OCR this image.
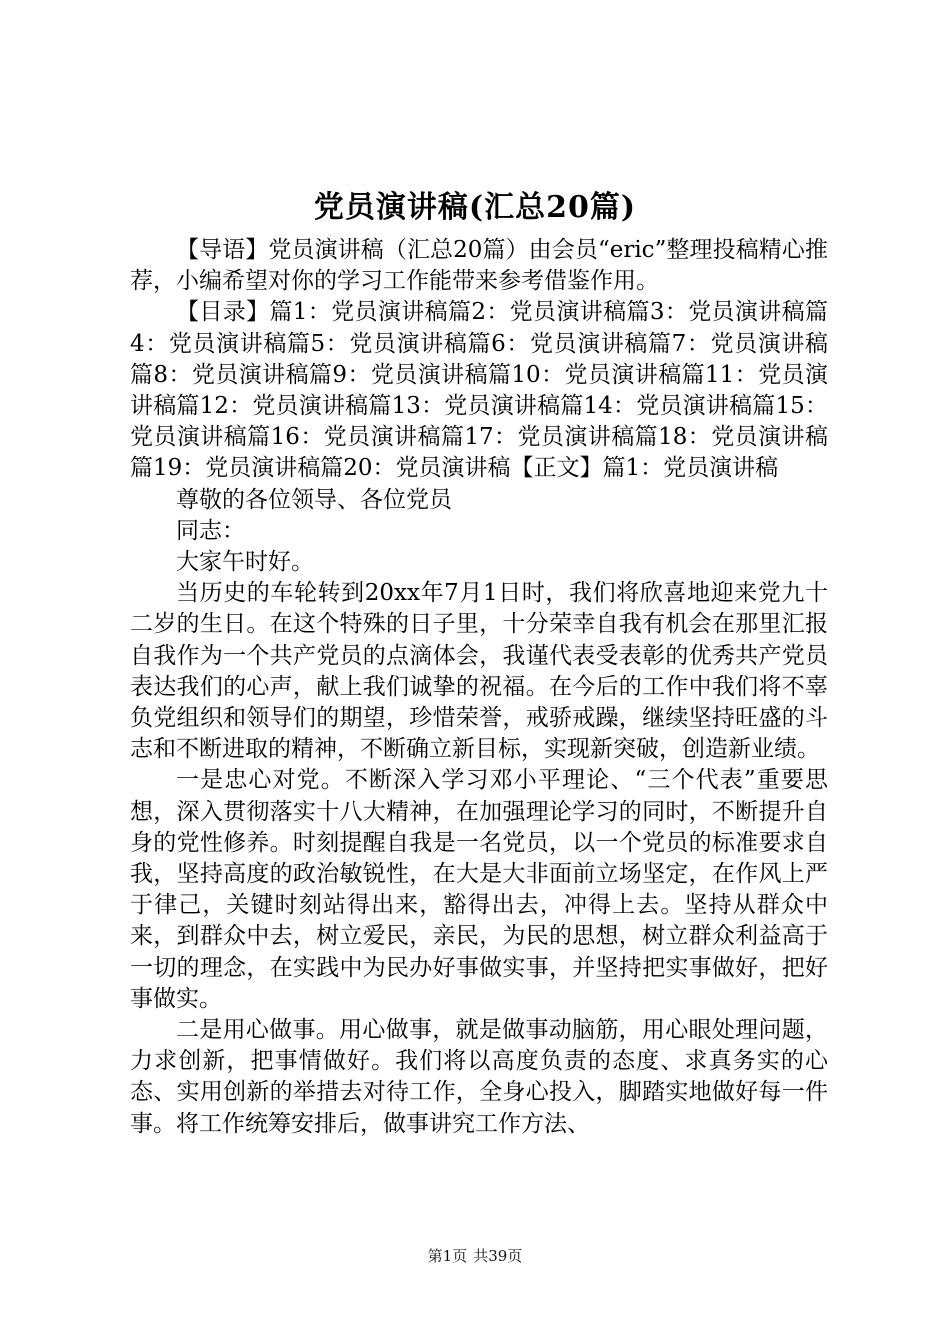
党员演讲稿(汇总20篇)

【导语】党员演讲稿（汇总20篇）由会员“eric”整理投稿精心推荐，小编希望对你的学习工作能带来参考借鉴作用。

【目录】篇1：党员演讲稿篇2：党员演讲稿篇3：党员演讲稿篇4：党员演讲稿篇5：党员演讲稿篇6：党员演讲稿篇7：党员演讲稿篇8：党员演讲稿篇9：党员演讲稿篇10：党员演讲稿篇11：党员演讲稿篇12：党员演讲稿篇13：党员演讲稿篇14：党员演讲稿篇15：党员演讲稿篇16：党员演讲稿篇17：党员演讲稿篇18：党员演讲稿篇19：党员演讲稿篇20：党员演讲稿【正文】篇1：党员演讲稿

尊敬的各位领导、各位党员

同志：

大家午时好。

当历史的车轮转到20xx年7月1日时，我们将欣喜地迎来党九十二岁的生日。在这个特殊的日子里，十分荣幸自我有机会在那里汇报自我作为一个共产党员的点滴体会，我谨代表受表彰的优秀共产党员表达我们的心声，献上我们诚挚的祝福。在今后的工作中我们将不辜负党组织和领导们的期望，珍惜荣誉，戒骄戒躁，继续坚持旺盛的斗志和不断进取的精神，不断确立新目标，实现新突破，创造新业绩。

一是忠心对党。不断深入学习邓小平理论、“三个代表”重要思想，深入贯彻落实十八大精神，在加强理论学习的同时，不断提升自身的党性修养。时刻提醒自我是一名党员，以一个党员的标准要求自我，坚持高度的政治敏锐性，在大是大非面前立场坚定，在作风上严于律己，关键时刻站得出来，豁得出去，冲得上去。坚持从群众中来，到群众中去，树立爱民，亲民，为民的思想，树立群众利益高于一切的理念，在实践中为民办好事做实事，并坚持把实事做好，把好事做实。

二是用心做事。用心做事，就是做事动脑筋，用心眼处理问题，力求创新，把事情做好。我们将以高度负责的态度、求真务实的心态、实用创新的举措去对待工作，全身心投入，脚踏实地做好每一件事。将工作统筹安排后，做事讲究工作方法、

第1页 共39页
